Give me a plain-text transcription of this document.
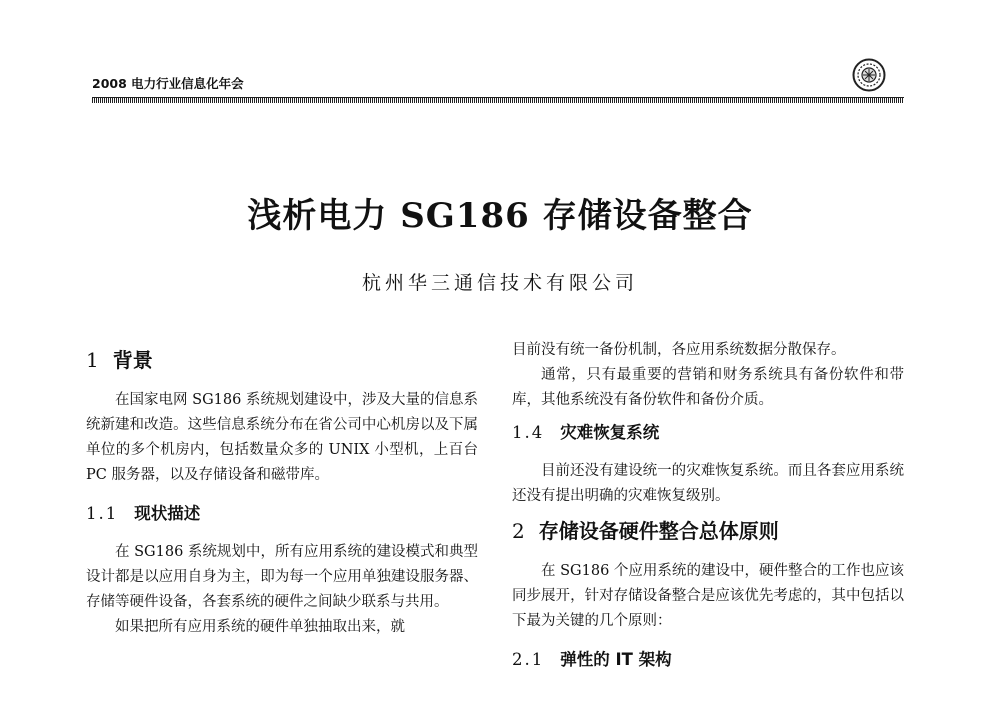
2008 电力行业信息化年会
浅析电力 SG186 存储设备整合
杭州华三通信技术有限公司
1 背景

在国家电网 SG186 系统规划建设中，涉及大量的信息系统新建和改造。这些信息系统分布在省公司中心机房以及下属单位的多个机房内，包括数量众多的 UNIX 小型机，上百台 PC 服务器，以及存储设备和磁带库。

1.1 现状描述

在 SG186 系统规划中，所有应用系统的建设模式和典型设计都是以应用自身为主，即为每一个应用单独建设服务器、存储等硬件设备，各套系统的硬件之间缺少联系与共用。

如果把所有应用系统的硬件单独抽取出来，就

目前没有统一备份机制，各应用系统数据分散保存。

通常，只有最重要的营销和财务系统具有备份软件和带库，其他系统没有备份软件和备份介质。

1.4 灾难恢复系统

目前还没有建设统一的灾难恢复系统。而且各套应用系统还没有提出明确的灾难恢复级别。

2 存储设备硬件整合总体原则

在 SG186 个应用系统的建设中，硬件整合的工作也应该同步展开，针对存储设备整合是应该优先考虑的，其中包括以下最为关键的几个原则：

2.1 弹性的 IT 架构
